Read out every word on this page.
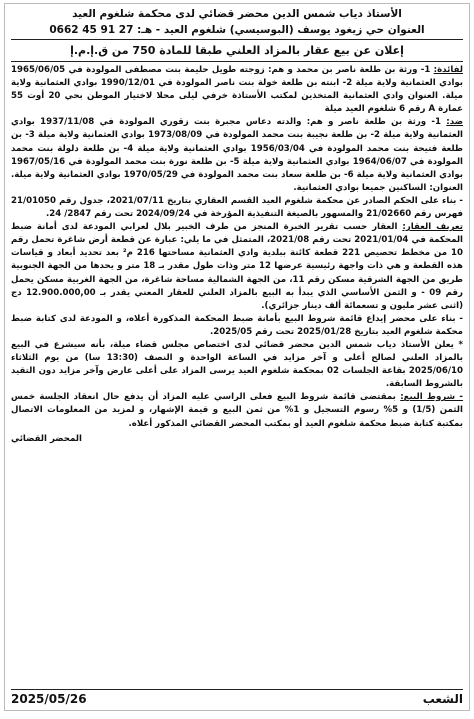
الأستاذ دياب شمس الدين محضر قضائي لدى محكمة شلغوم العيد
العنوان حي زيغود يوسف (البوسيسي) شلغوم العيد - هـ: 27 91 45 0662
إعلان عن بيع عقار بالمزاد العلني طبقا للمادة 750 من ق.إ.م.إ

لفائدة: 1- ورثة بن طلعة ناصر بن محمد و هم: زوجته طويل حليمة بنت مصطفى المولودة في 1965/06/05 بوادي العثمانية ولاية ميلة 2- ابنته بن طلعة خولة بنت ناصر المولودة في 1990/12/01 بوادي العثمانية ولاية ميلة. العنوان وادي العثمانية المتخذين لمكتب الأستاذة خرفي ليلى محلا لاختيار الموطن بحي 20 أوت 55 عمارة A رقم 6 شلغوم العيد ميلة

ضد: 1- ورثة بن طلعة ناصر و هم: والدته دعاس مجبرة بنت زقوري المولودة في 1937/11/08 بوادي العثمانية ولاية ميلة 2- بن طلعة نجيبة بنت محمد المولودة في 1973/08/09 بوادي العثمانية ولاية ميلة 3- بن طلعة فتيحة بنت محمد المولودة في 1956/03/04 بوادي العثمانية ولاية ميلة 4- بن طلعة دلولة بنت محمد المولودة في 1964/06/07 بوادي العثمانية ولاية ميلة 5- بن طلعة نورة بنت محمد المولودة في 1967/05/16 بوادي العثمانية ولاية ميلة 6- بن طلعة سعاد بنت محمد المولودة في 1970/05/29 بوادي العثمانية ولاية ميلة. العنوان: الساكنين جميعا بوادي العثمانية.

- بناء على الحكم الصادر عن محكمة شلغوم العيد القسم العقاري بتاريخ 2021/07/11، جدول رقم 21/01050 فهرس رقم 21/02660 والمسهور بالصيغة التنفيذية المؤرخة في 2024/09/24 تحت رقم 2847/ 24.

تعريف العقار: العقار حسب تقرير الخبرة المنجز من طرف الخبير بلال لعرابي المودعة لدى أمانة ضبط المحكمة في 2021/01/04 تحت رقم 2021/08، المتمثل في ما يلي: عبارة عن قطعة أرض شاغرة تحمل رقم 10 من مخطط تحصيص 221 قطعة كائنة ببلدية وادي العثمانية مساحتها 216 م² بعد تحديد أبعاد و قياسات هذه القطعة و هي ذات واجهة رئيسية عرضها 12 متر وذات طول مقدر بـ 18 متر و يحدها من الجهة الجنوبية طريق من الجهة الشرقية مسكن رقم 11، من الجهة الشمالية مساحة شاغرة، من الجهة الغربية مسكن يحمل رقم 09 - و الثمن الأساسي الذي يبدأ به البيع بالمزاد العلني للعقار المعني يقدر بـ 12.900.000,00 دج (اثنى عشر مليون و تسعمائة ألف دينار جزائري).

- بناء على محضر إيداع قائمة شروط البيع بأمانة ضبط المحكمة المذكورة أعلاه، و المودعة لدى كتابة ضبط محكمة شلغوم العيد بتاريخ 2025/01/28 تحت رقم 2025/05.

* يعلن الأستاذ دياب شمس الدين محضر قضائي لدى اختصاص مجلس قضاء ميلة، بأنه سيشرع في البيع بالمزاد العلني لصالح أعلى و آخر مزايد في الساعة الواحدة و النصف (13:30 سا) من يوم الثلاثاء 2025/06/10 بقاعة الجلسات 02 بمحكمة شلغوم العيد يرسى المزاد على أعلى عارض وآخر مزايد دون التقيد بالشروط السابقة.

- شروط البيع: بمقتضى قائمة شروط البيع فعلى الراسي عليه المزاد أن يدفع حال انعقاد الجلسة خمس الثمن (1/5) و 5% رسوم التسجيل و 1% من ثمن البيع و قيمة الإشهار، و لمزيد من المعلومات الاتصال بمكتبة كتابة ضبط محكمة شلغوم العيد أو بمكتب المحضر القضائي المذكور أعلاه.

المحضر القضائي
الشعب
2025/05/26
